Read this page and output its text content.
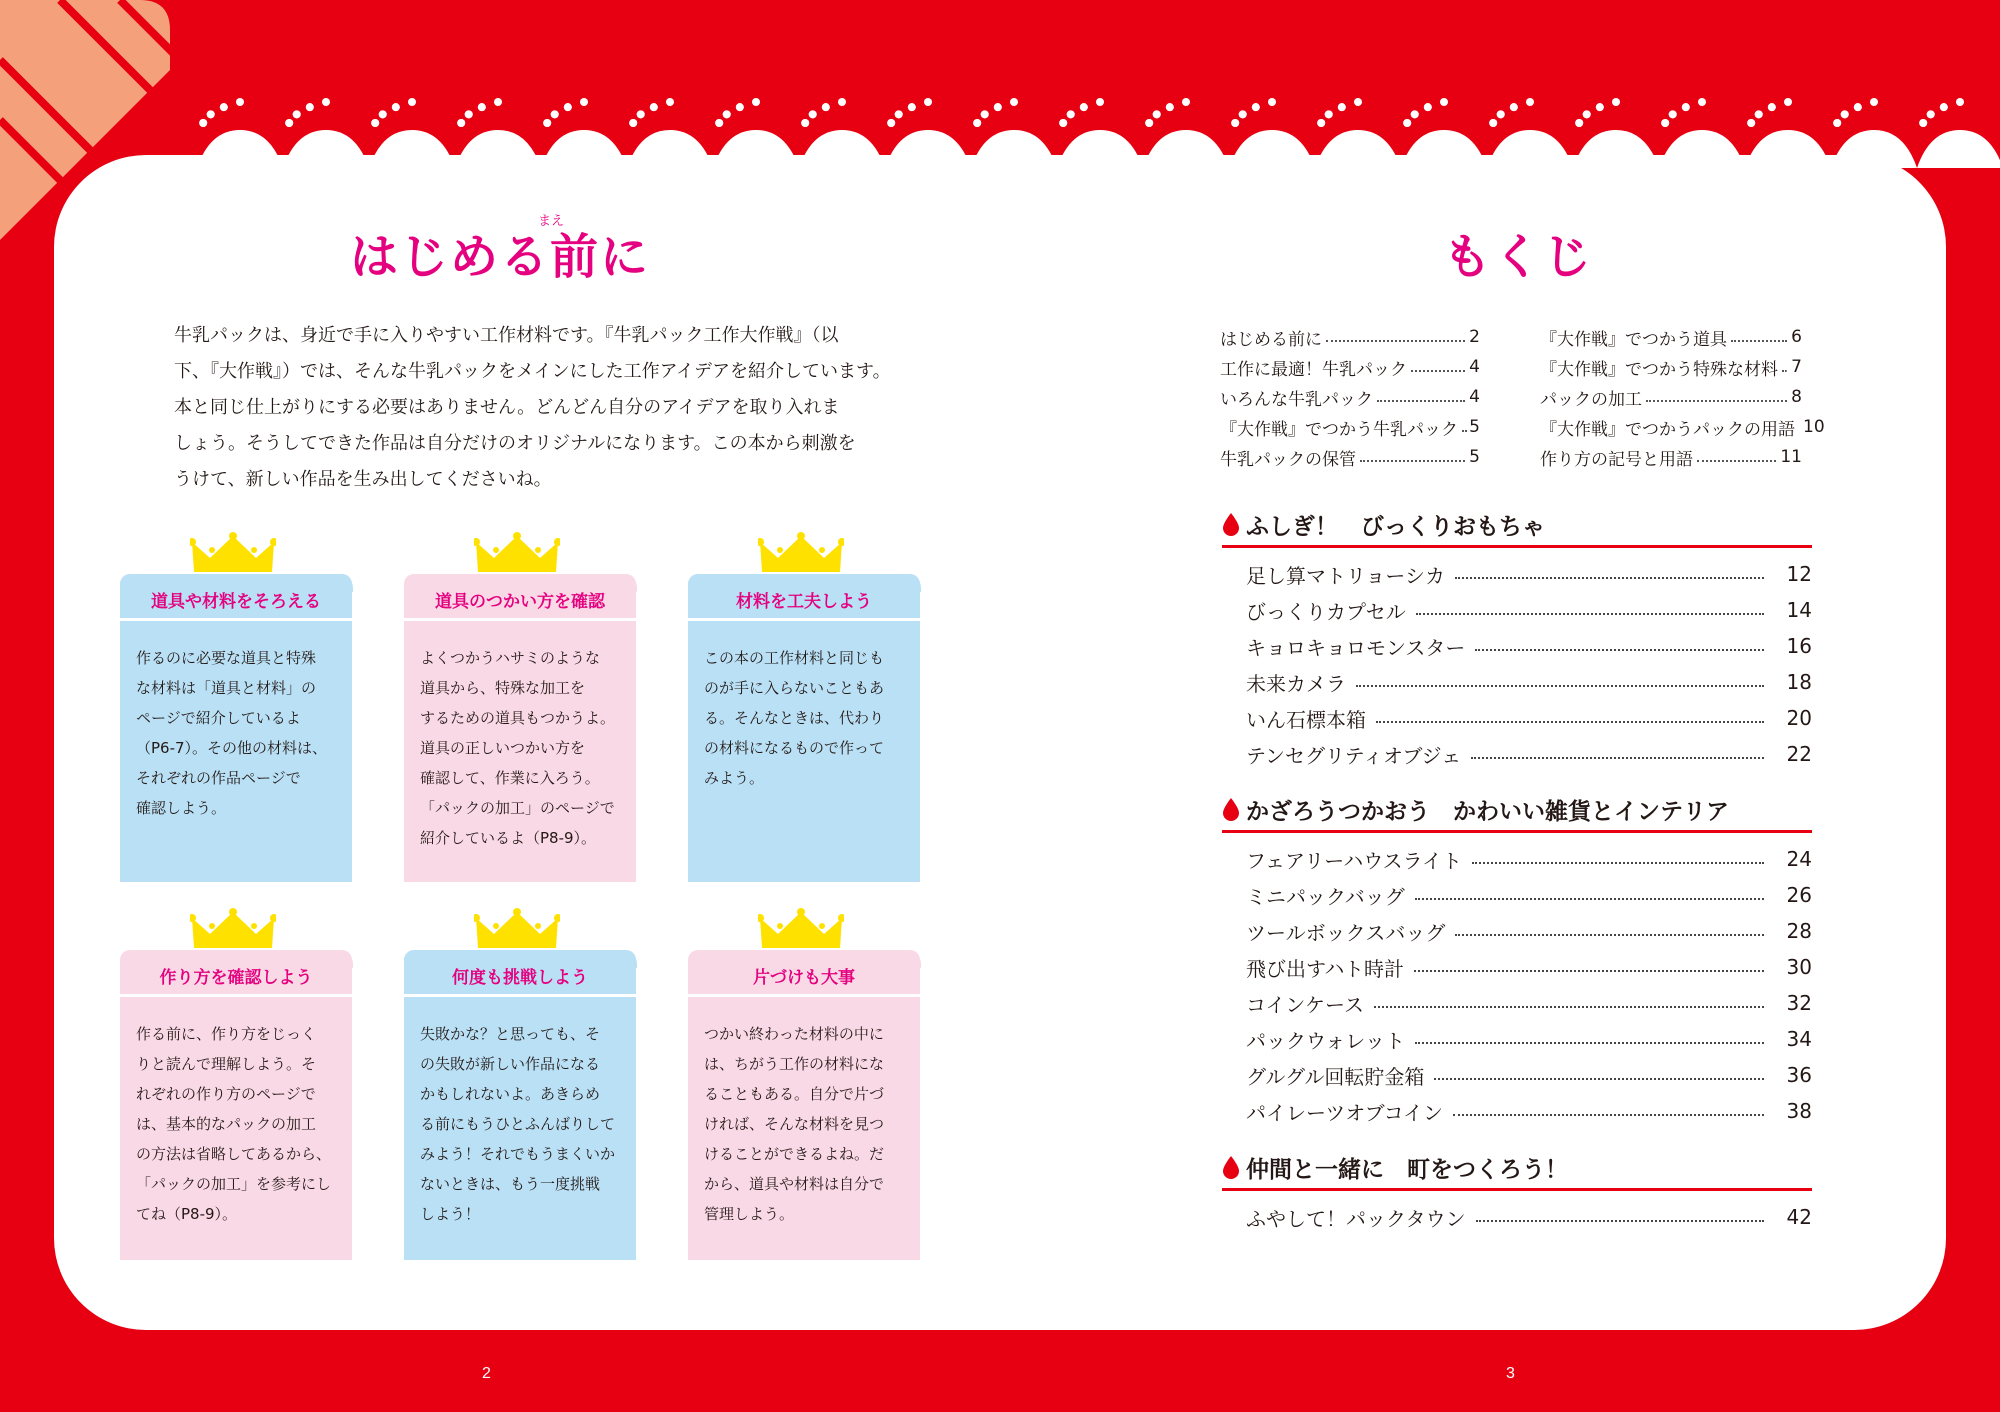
まえ
はじめる前に

牛乳パックは、身近で手に入りやすい工作材料です。『牛乳パック工作大作戦』（以

下、『大作戦』）では、そんな牛乳パックをメインにした工作アイデアを紹介しています。

本と同じ仕上がりにする必要はありません。どんどん自分のアイデアを取り入れま

しょう。そうしてできた作品は自分だけのオリジナルになります。この本から刺激を

うけて、新しい作品を生み出してくださいね。

道具や材料をそろえる
作るのに必要な道具と特殊
な材料は「道具と材料」の
ページで紹介しているよ
（P6-7）。その他の材料は、
それぞれの作品ページで
確認しよう。
道具のつかい方を確認
よくつかうハサミのような
道具から、特殊な加工を
するための道具もつかうよ。
道具の正しいつかい方を
確認して、作業に入ろう。
「パックの加工」のページで
紹介しているよ（P8-9）。
材料を工夫しよう
この本の工作材料と同じも
のが手に入らないこともあ
る。そんなときは、代わり
の材料になるもので作って
みよう。
作り方を確認しよう
作る前に、作り方をじっく
りと読んで理解しよう。そ
れぞれの作り方のページで
は、基本的なパックの加工
の方法は省略してあるから、
「パックの加工」を参考にし
てね（P8-9）。
何度も挑戦しよう
失敗かな？と思っても、そ
の失敗が新しい作品になる
かもしれないよ。あきらめ
る前にもうひとふんばりして
みよう！それでもうまくいか
ないときは、もう一度挑戦
しよう！
片づけも大事
つかい終わった材料の中に
は、ちがう工作の材料にな
ることもある。自分で片づ
ければ、そんな材料を見つ
けることができるよね。だ
から、道具や材料は自分で
管理しよう。
2
もくじ
はじめる前に	2
工作に最適！牛乳パック	4
いろんな牛乳パック	4
『大作戦』でつかう牛乳パック 5
牛乳パックの保管	5
『大作戦』でつかう道具	6
『大作戦』でつかう特殊な材料 7
パックの加工	8
『大作戦』でつかうパックの用語 10
作り方の記号と用語	11
ふしぎ！　びっくりおもちゃ
足し算マトリョーシカ	12
びっくりカプセル	14
キョロキョロモンスター	16
未来カメラ	18
いん石標本箱	20
テンセグリティオブジェ	22
かざろうつかおう　かわいい雑貨とインテリア
フェアリーハウスライト	24
ミニパックバッグ	26
ツールボックスバッグ	28
飛び出すハト時計	30
コインケース	32
パックウォレット	34
グルグル回転貯金箱	36
パイレーツオブコイン	38
仲間と一緒に　町をつくろう！
ふやして！パックタウン	42
3
